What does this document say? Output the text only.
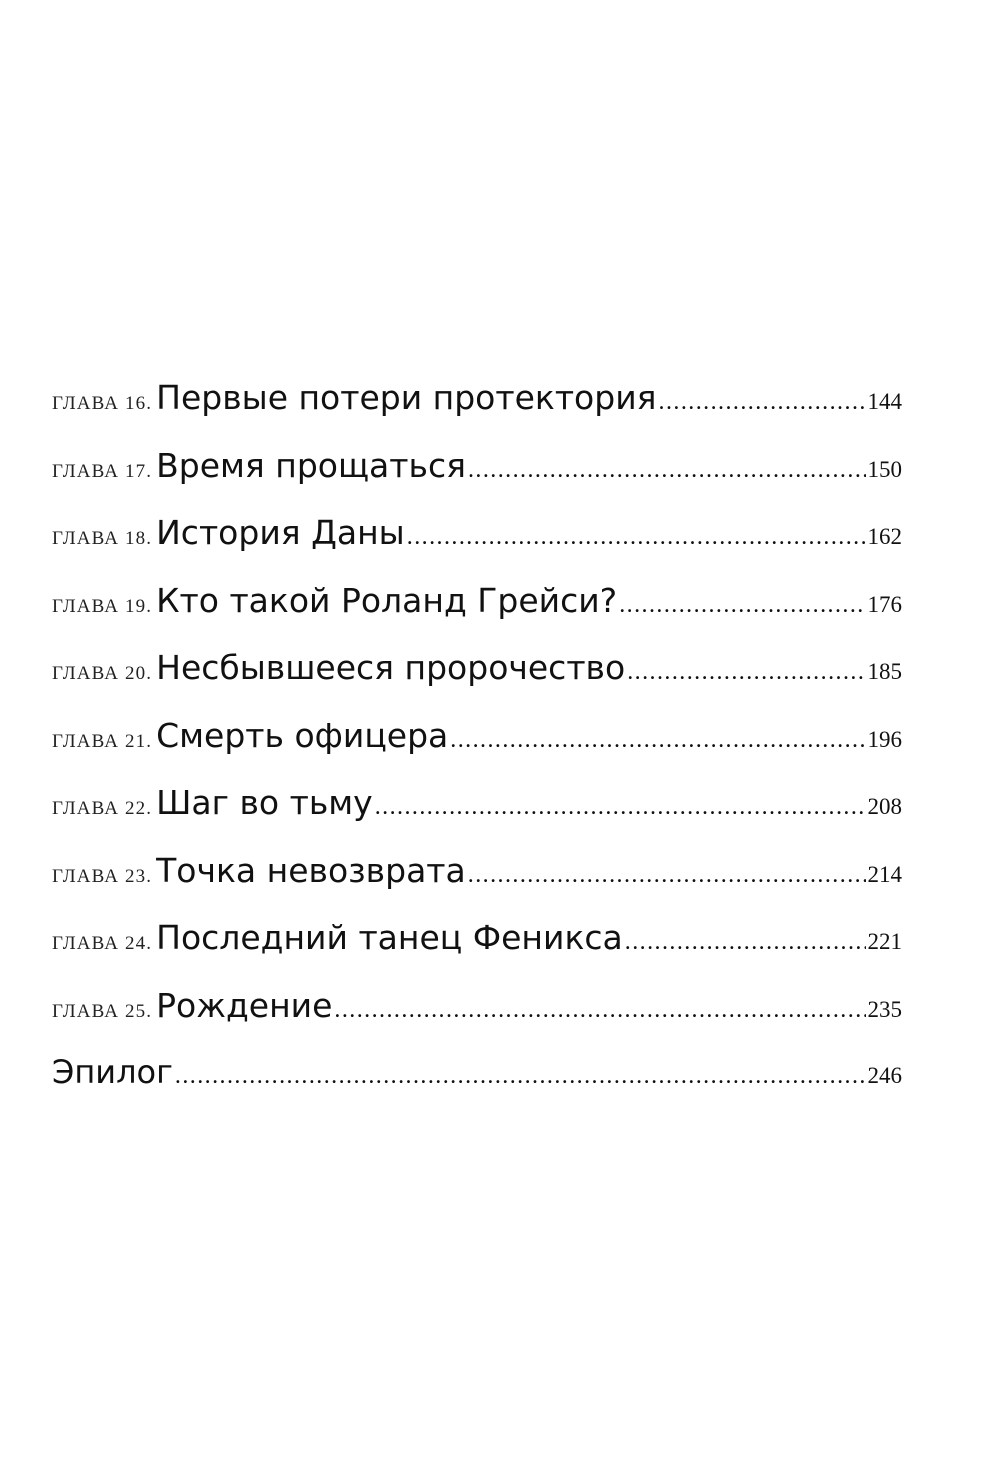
ГЛАВА 16. Первые потери протектория .....	144
ГЛАВА 17. Время прощаться .....	150
ГЛАВА 18. История Даны .....	162
ГЛАВА 19. Кто такой Роланд Грейси? .....	176
ГЛАВА 20. Несбывшееся пророчество .....	185
ГЛАВА 21. Смерть офицера .....	196
ГЛАВА 22. Шаг во тьму .....	208
ГЛАВА 23. Точка невозврата .....	214
ГЛАВА 24. Последний танец Феникса .....	221
ГЛАВА 25. Рождение .....	235
Эпилог .....	246
